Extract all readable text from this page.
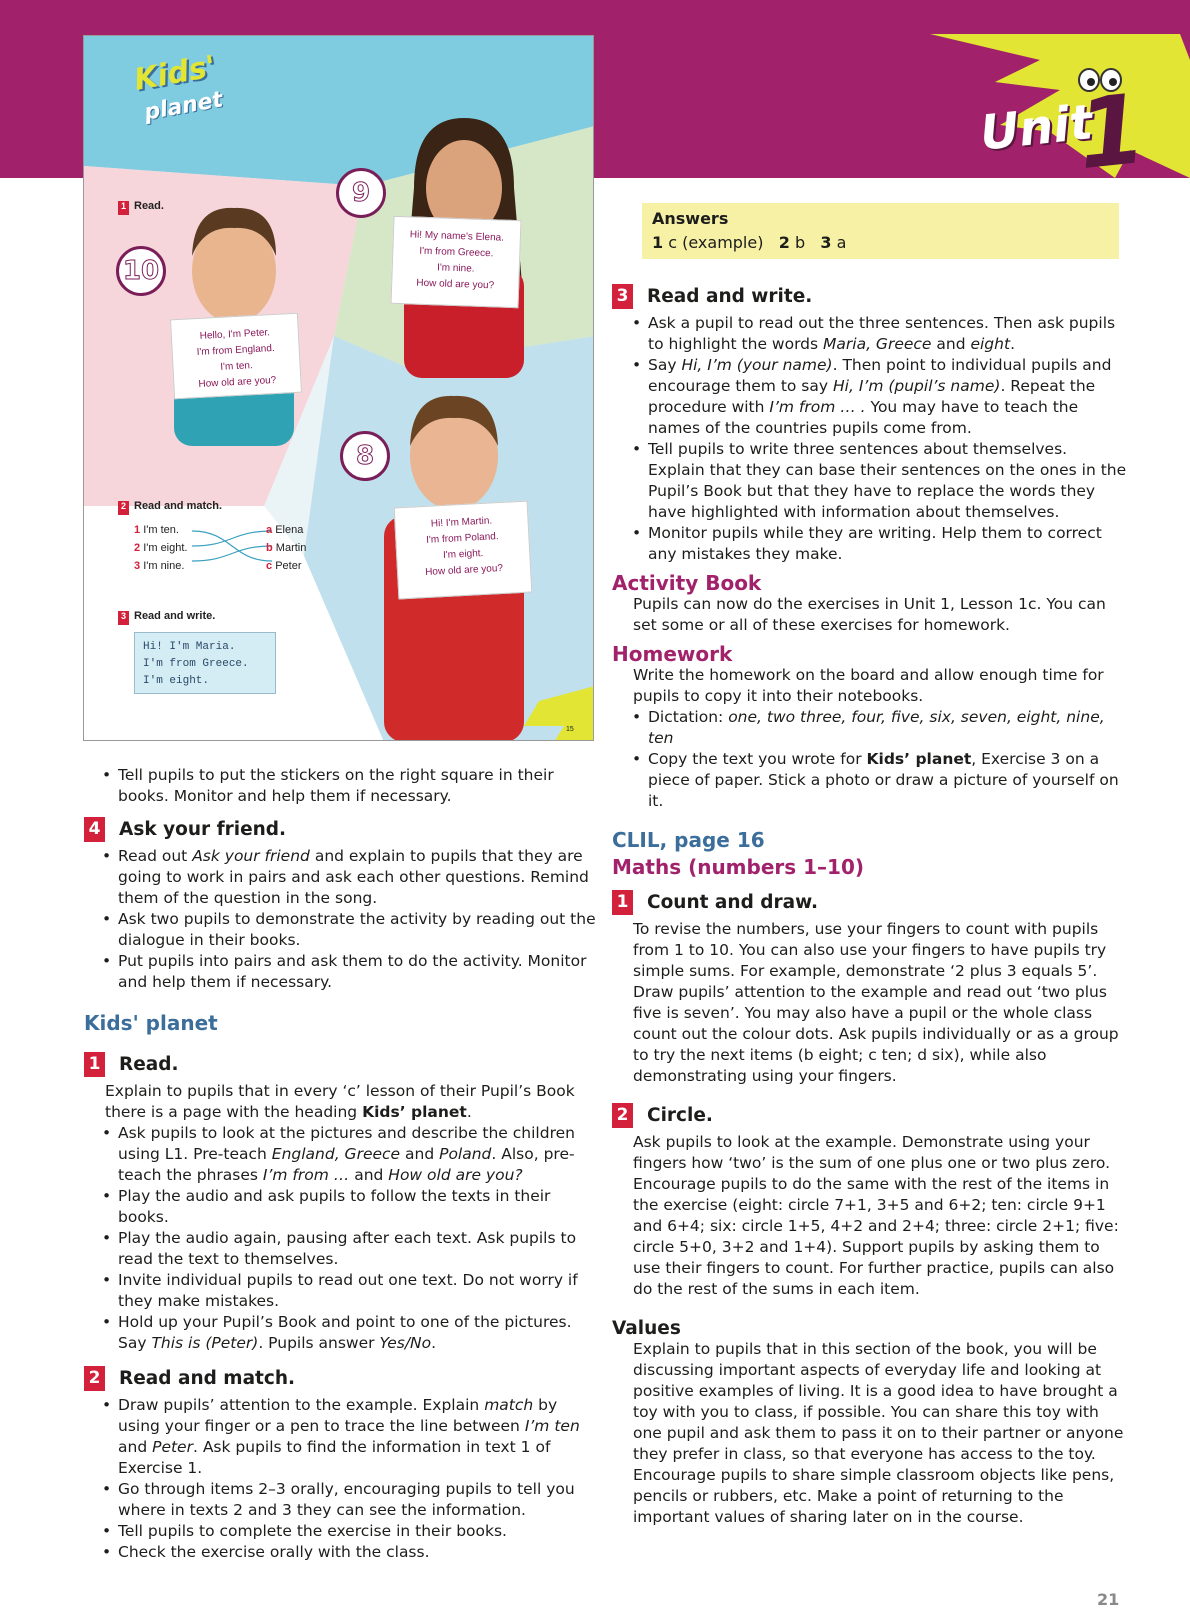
Unit
1
Kids'
planet
1 Read.
10
9
8
Hello, I'm Peter.
I'm from England.
I'm ten.
How old are you?
Hi! My name's Elena.
I'm from Greece.
I'm nine.
How old are you?
Hi! I'm Martin.
I'm from Poland.
I'm eight.
How old are you?
2 Read and match.
1 I'm ten.
2 I'm eight.
3 I'm nine.
a Elena
b Martin
c Peter
3 Read and write.
Hi! I'm Maria.
I'm from Greece.
I'm eight.
15
• Tell pupils to put the stickers on the right square in their books. Monitor and help them if necessary.
4 Ask your friend.
• Read out Ask your friend and explain to pupils that they are going to work in pairs and ask each other questions. Remind them of the question in the song.
• Ask two pupils to demonstrate the activity by reading out the dialogue in their books.
• Put pupils into pairs and ask them to do the activity. Monitor and help them if necessary.
Kids' planet
1 Read.
Explain to pupils that in every ‘c’ lesson of their Pupil’s Book there is a page with the heading Kids’ planet.
• Ask pupils to look at the pictures and describe the children using L1. Pre-teach England, Greece and Poland. Also, pre-teach the phrases I’m from … and How old are you?
• Play the audio and ask pupils to follow the texts in their books.
• Play the audio again, pausing after each text. Ask pupils to read the text to themselves.
• Invite individual pupils to read out one text. Do not worry if they make mistakes.
• Hold up your Pupil’s Book and point to one of the pictures. Say This is (Peter). Pupils answer Yes/No.
2 Read and match.
• Draw pupils’ attention to the example. Explain match by using your finger or a pen to trace the line between I’m ten and Peter. Ask pupils to find the information in text 1 of Exercise 1.
• Go through items 2–3 orally, encouraging pupils to tell you where in texts 2 and 3 they can see the information.
• Tell pupils to complete the exercise in their books.
• Check the exercise orally with the class.
Answers
1 c (example) 2 b 3 a
3 Read and write.
• Ask a pupil to read out the three sentences. Then ask pupils to highlight the words Maria, Greece and eight.
• Say Hi, I’m (your name). Then point to individual pupils and encourage them to say Hi, I’m (pupil’s name). Repeat the procedure with I’m from … . You may have to teach the names of the countries pupils come from.
• Tell pupils to write three sentences about themselves. Explain that they can base their sentences on the ones in the Pupil’s Book but that they have to replace the words they have highlighted with information about themselves.
• Monitor pupils while they are writing. Help them to correct any mistakes they make.
Activity Book
Pupils can now do the exercises in Unit 1, Lesson 1c. You can set some or all of these exercises for homework.
Homework
Write the homework on the board and allow enough time for pupils to copy it into their notebooks.
• Dictation: one, two three, four, five, six, seven, eight, nine, ten
• Copy the text you wrote for Kids’ planet, Exercise 3 on a piece of paper. Stick a photo or draw a picture of yourself on it.
CLIL, page 16
Maths (numbers 1–10)
1 Count and draw.
To revise the numbers, use your fingers to count with pupils from 1 to 10. You can also use your fingers to have pupils try simple sums. For example, demonstrate ‘2 plus 3 equals 5’. Draw pupils’ attention to the example and read out ‘two plus five is seven’. You may also have a pupil or the whole class count out the colour dots. Ask pupils individually or as a group to try the next items (b eight; c ten; d six), while also demonstrating using your fingers.
2 Circle.
Ask pupils to look at the example. Demonstrate using your fingers how ‘two’ is the sum of one plus one or two plus zero. Encourage pupils to do the same with the rest of the items in the exercise (eight: circle 7+1, 3+5 and 6+2; ten: circle 9+1 and 6+4; six: circle 1+5, 4+2 and 2+4; three: circle 2+1; five: circle 5+0, 3+2 and 1+4). Support pupils by asking them to use their fingers to count. For further practice, pupils can also do the rest of the sums in each item.
Values
Explain to pupils that in this section of the book, you will be discussing important aspects of everyday life and looking at positive examples of living. It is a good idea to have brought a toy with you to class, if possible. You can share this toy with one pupil and ask them to pass it on to their partner or anyone they prefer in class, so that everyone has access to the toy. Encourage pupils to share simple classroom objects like pens, pencils or rubbers, etc. Make a point of returning to the important values of sharing later on in the course.
21
